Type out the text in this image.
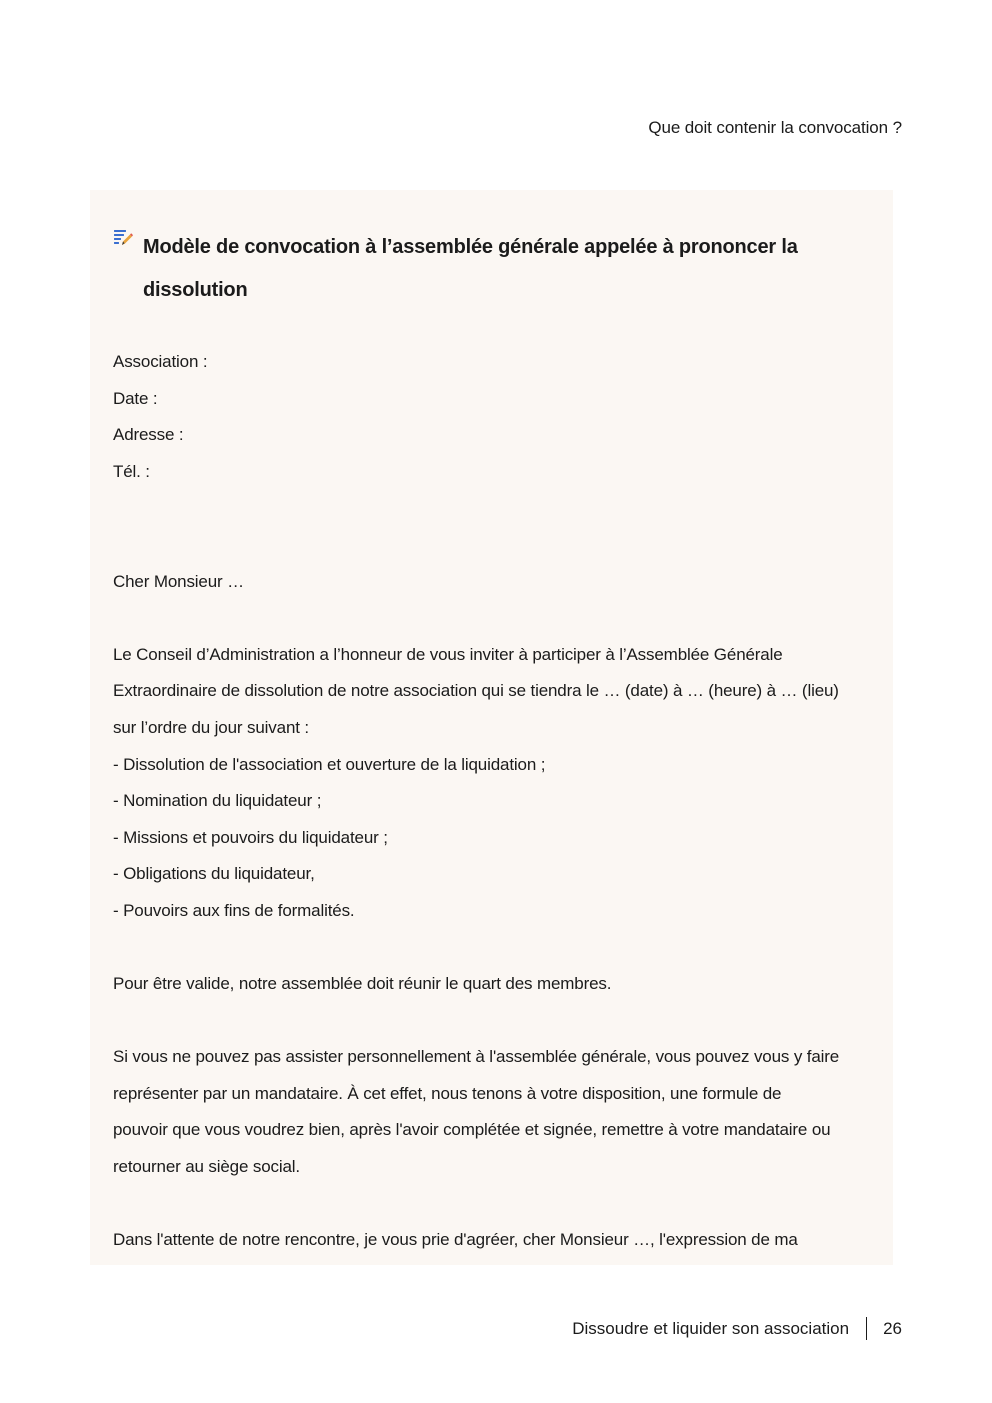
Que doit contenir la convocation ?
Modèle de convocation à l’assemblée générale appelée à prononcer la dissolution
Association :
Date :
Adresse :
Tél. :
Cher Monsieur …
Le Conseil d’Administration a l’honneur de vous inviter à participer à l’Assemblée Générale
Extraordinaire de dissolution de notre association qui se tiendra le … (date) à … (heure) à … (lieu)
sur l’ordre du jour suivant :
- Dissolution de l'association et ouverture de la liquidation ;
- Nomination du liquidateur ;
- Missions et pouvoirs du liquidateur ;
- Obligations du liquidateur,
- Pouvoirs aux fins de formalités.
Pour être valide, notre assemblée doit réunir le quart des membres.
Si vous ne pouvez pas assister personnellement à l'assemblée générale, vous pouvez vous y faire
représenter par un mandataire. À cet effet, nous tenons à votre disposition, une formule de
pouvoir que vous voudrez bien, après l'avoir complétée et signée, remettre à votre mandataire ou
retourner au siège social.
Dans l'attente de notre rencontre, je vous prie d'agréer, cher Monsieur …, l'expression de ma
Dissoudre et liquider son association 26
